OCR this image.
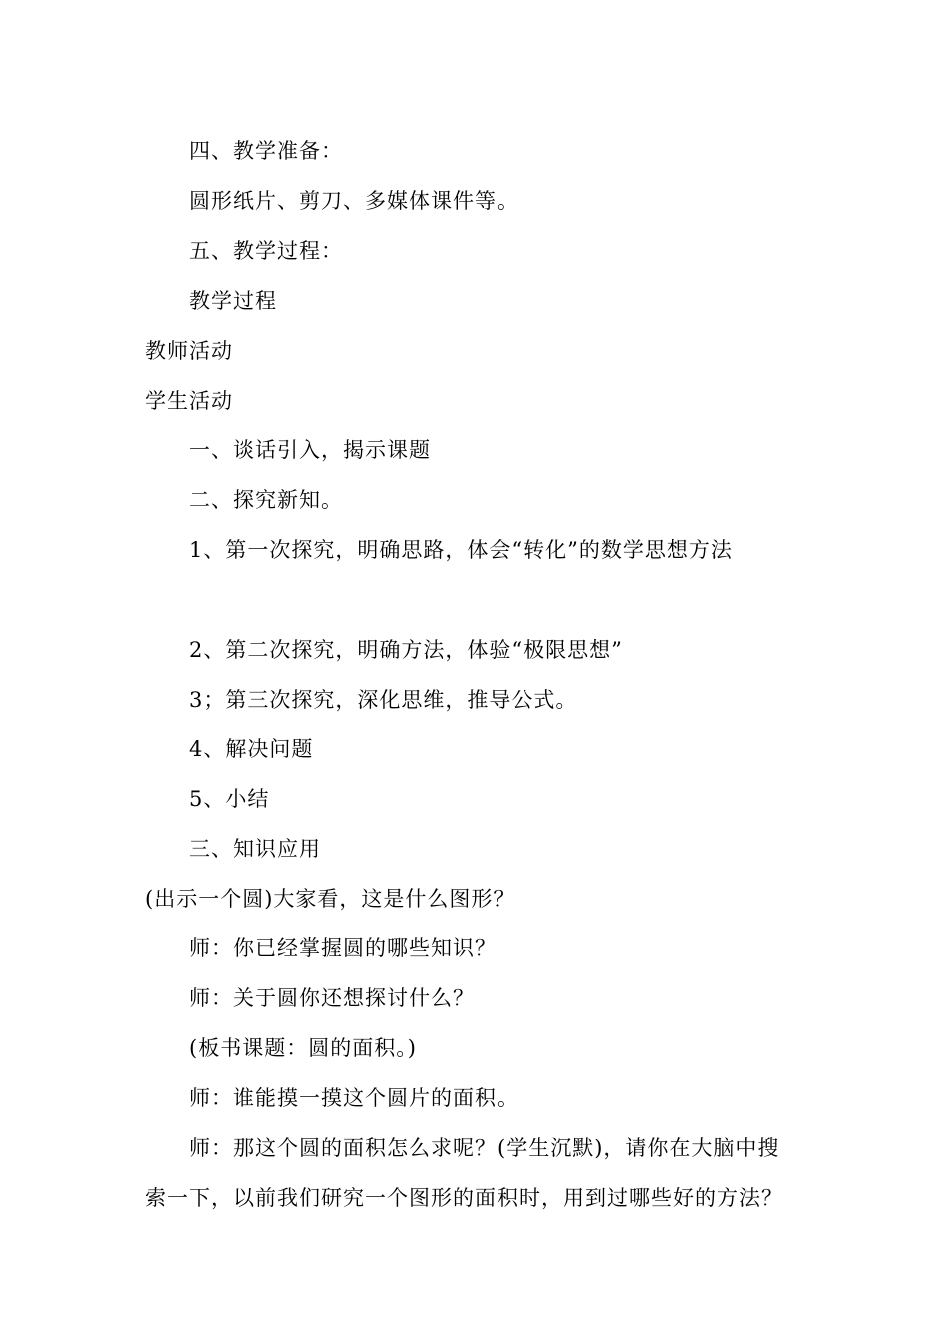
四、教学准备：
圆形纸片、剪刀、多媒体课件等。
五、教学过程：
教学过程
教师活动
学生活动
一、谈话引入，揭示课题
二、探究新知。
1、第一次探究，明确思路，体会“转化”的数学思想方法
2、第二次探究，明确方法，体验“极限思想”
3；第三次探究，深化思维，推导公式。
4、解决问题
5、小结
三、知识应用
(出示一个圆)大家看，这是什么图形？
师：你已经掌握圆的哪些知识？
师：关于圆你还想探讨什么？
(板书课题：圆的面积。)
师：谁能摸一摸这个圆片的面积。
师：那这个圆的面积怎么求呢？(学生沉默)，请你在大脑中搜
索一下，以前我们研究一个图形的面积时，用到过哪些好的方法？
